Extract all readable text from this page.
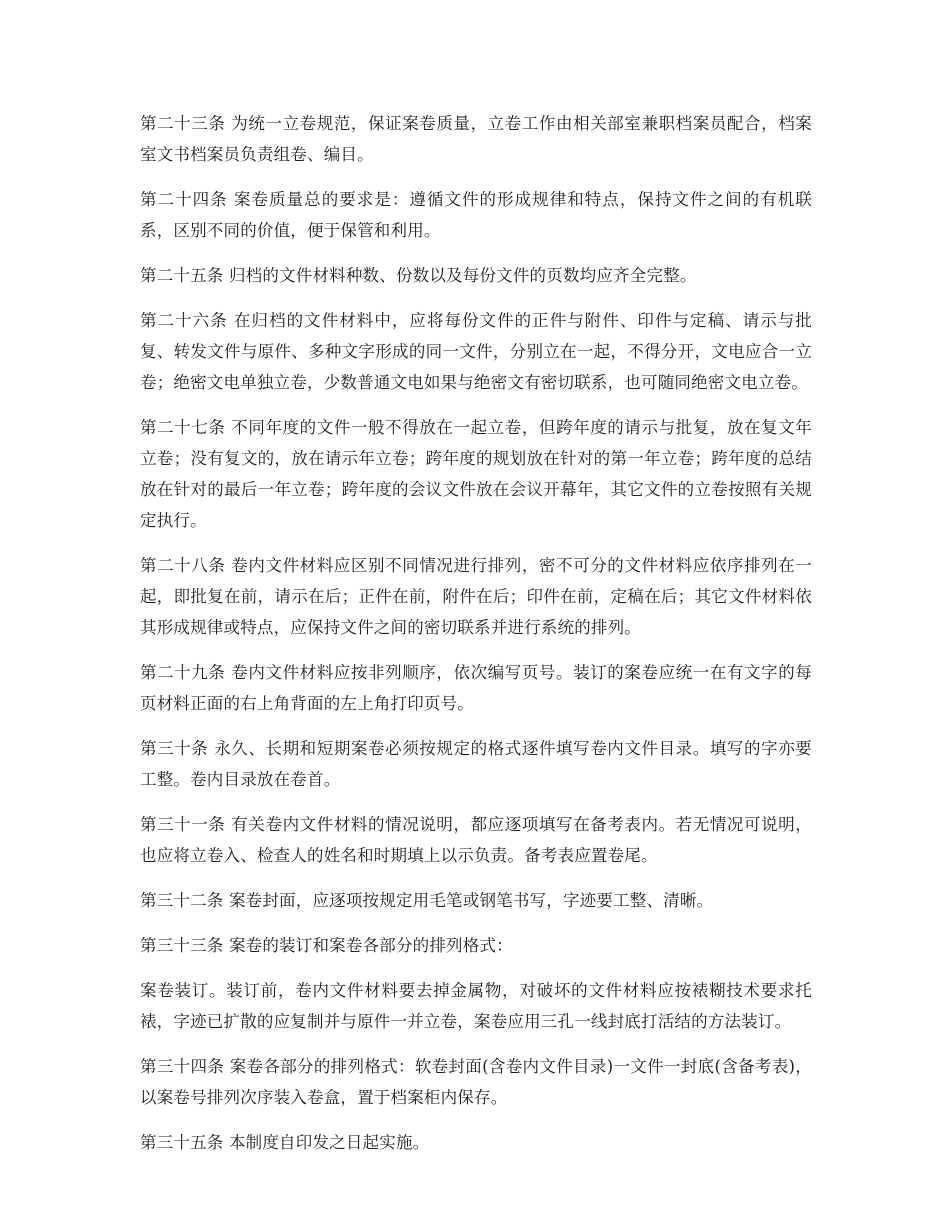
第二十三条 为统一立卷规范，保证案卷质量，立卷工作由相关部室兼职档案员配合，档案室文书档案员负责组卷、编目。

第二十四条 案卷质量总的要求是：遵循文件的形成规律和特点，保持文件之间的有机联系，区别不同的价值，便于保管和利用。

第二十五条 归档的文件材料种数、份数以及每份文件的页数均应齐全完整。

第二十六条 在归档的文件材料中，应将每份文件的正件与附件、印件与定稿、请示与批复、转发文件与原件、多种文字形成的同一文件，分别立在一起，不得分开，文电应合一立卷；绝密文电单独立卷，少数普通文电如果与绝密文有密切联系，也可随同绝密文电立卷。

第二十七条 不同年度的文件一般不得放在一起立卷，但跨年度的请示与批复，放在复文年立卷；没有复文的，放在请示年立卷；跨年度的规划放在针对的第一年立卷；跨年度的总结放在针对的最后一年立卷；跨年度的会议文件放在会议开幕年，其它文件的立卷按照有关规定执行。

第二十八条 卷内文件材料应区别不同情况进行排列，密不可分的文件材料应依序排列在一起，即批复在前，请示在后；正件在前，附件在后；印件在前，定稿在后；其它文件材料依其形成规律或特点，应保持文件之间的密切联系并进行系统的排列。

第二十九条 卷内文件材料应按非列顺序，依次编写页号。装订的案卷应统一在有文字的每页材料正面的右上角背面的左上角打印页号。

第三十条 永久、长期和短期案卷必须按规定的格式逐件填写卷内文件目录。填写的字亦要工整。卷内目录放在卷首。

第三十一条 有关卷内文件材料的情况说明，都应逐项填写在备考表内。若无情况可说明，也应将立卷入、检查人的姓名和时期填上以示负责。备考表应置卷尾。

第三十二条 案卷封面，应逐项按规定用毛笔或钢笔书写，字迹要工整、清晰。

第三十三条 案卷的装订和案卷各部分的排列格式：

案卷装订。装订前，卷内文件材料要去掉金属物，对破坏的文件材料应按裱糊技术要求托裱，字迹已扩散的应复制并与原件一并立卷，案卷应用三孔一线封底打活结的方法装订。

第三十四条 案卷各部分的排列格式：软卷封面(含卷内文件目录)一文件一封底(含备考表)，以案卷号排列次序装入卷盒，置于档案柜内保存。

第三十五条 本制度自印发之日起实施。
